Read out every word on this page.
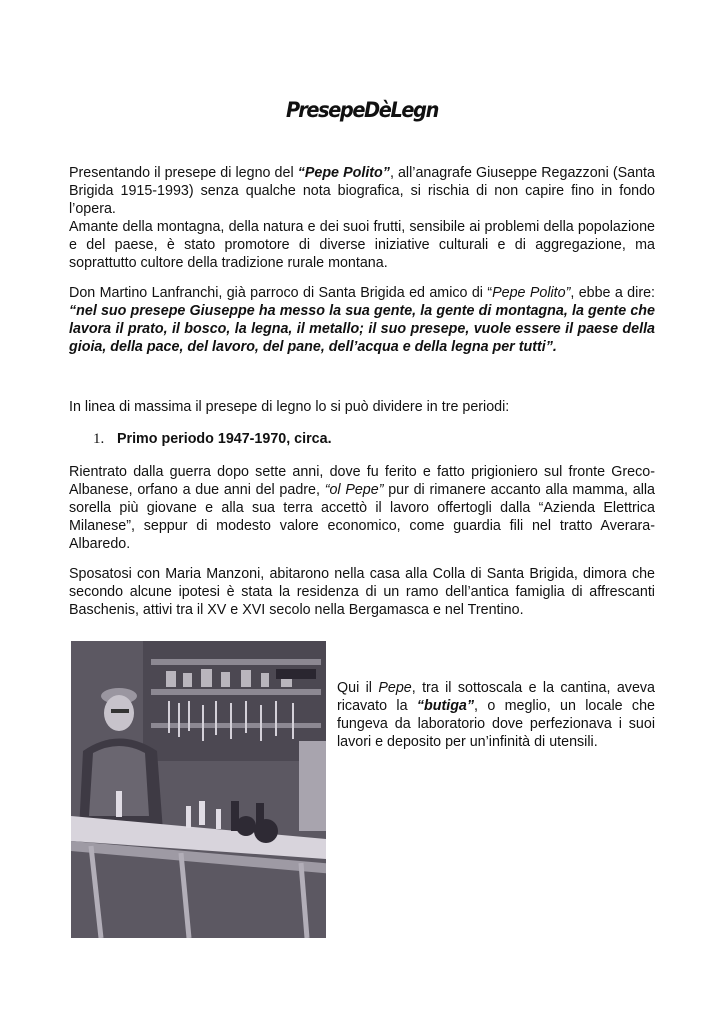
PresepeDèLegn

Presentando il presepe di legno del “Pepe Polito”, all’anagrafe Giuseppe Regazzoni (Santa Brigida 1915-1993) senza qualche nota biografica, si rischia di non capire fino in fondo l’opera.

Amante della montagna, della natura e dei suoi frutti, sensibile ai problemi della popolazione e del paese, è stato promotore di diverse iniziative culturali e di aggregazione, ma soprattutto cultore della tradizione rurale montana.

Don Martino Lanfranchi, già parroco di Santa Brigida ed amico di “Pepe Polito”, ebbe a dire: “nel suo presepe Giuseppe ha messo la sua gente, la gente di montagna, la gente che lavora il prato, il bosco, la legna, il metallo; il suo presepe, vuole essere il paese della gioia, della pace, del lavoro, del pane, dell’acqua e della legna per tutti”.

In linea di massima il presepe di legno lo si può dividere in tre periodi:
1. Primo periodo 1947-1970, circa.

Rientrato dalla guerra dopo sette anni, dove fu ferito e fatto prigioniero sul fronte Greco-Albanese, orfano a due anni del padre, “ol Pepe” pur di rimanere accanto alla mamma, alla sorella più giovane e alla sua terra accettò il lavoro offertogli dalla “Azienda Elettrica Milanese”, seppur di modesto valore economico, come guardia fili nel tratto Averara-Albaredo.

Sposatosi con Maria Manzoni, abitarono nella casa alla Colla di Santa Brigida, dimora che secondo alcune ipotesi è stata la residenza di un ramo dell’antica famiglia di affrescanti Baschenis, attivi tra il XV e XVI secolo nella Bergamasca e nel Trentino.

Qui il Pepe, tra il sottoscala e la cantina, aveva ricavato la “butiga”, o meglio, un locale che fungeva da laboratorio dove perfezionava i suoi lavori e deposito per un’infinità di utensili.
